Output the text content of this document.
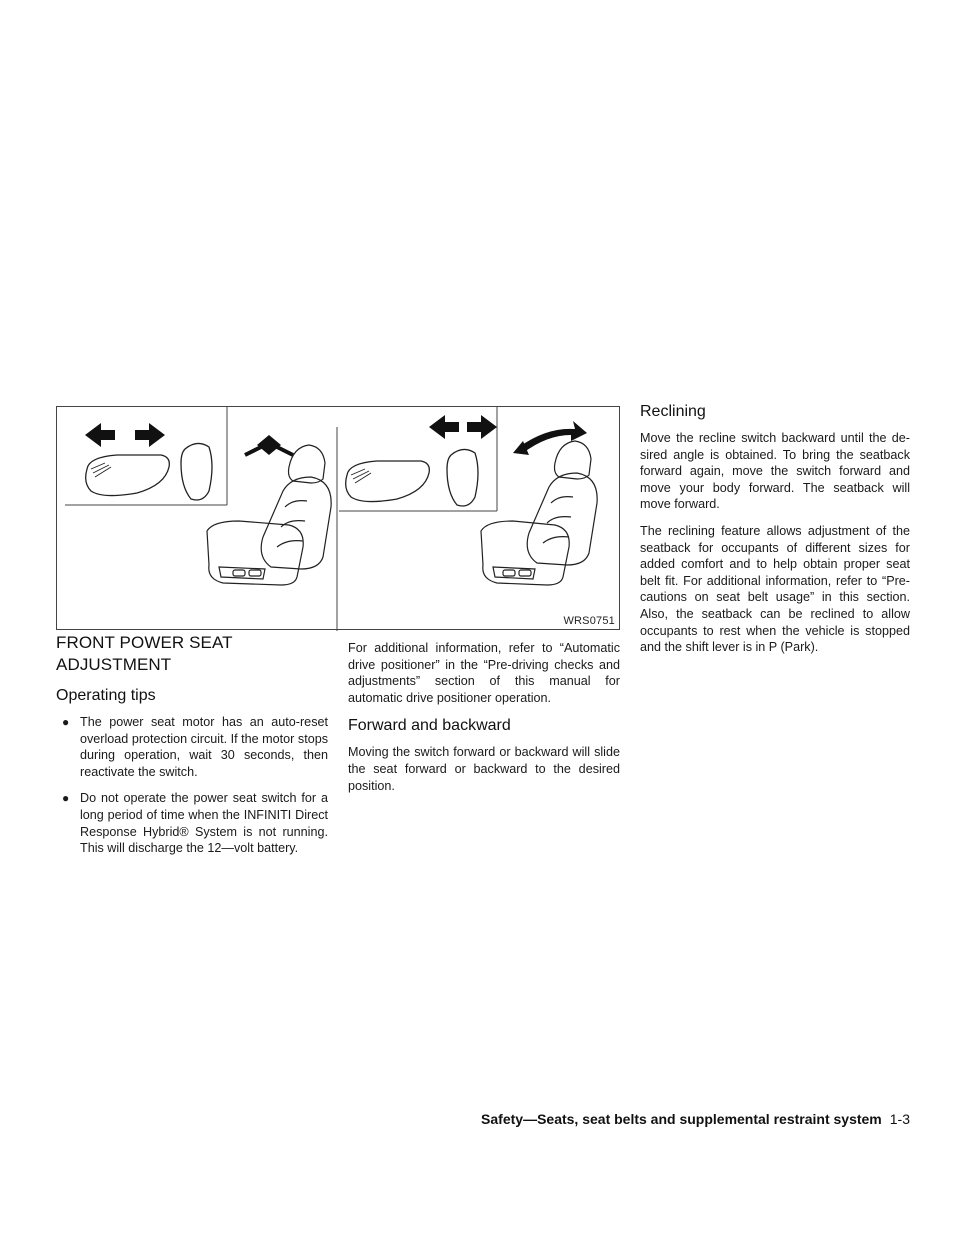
WRS0751
FRONT POWER SEAT ADJUSTMENT
Operating tips
● The power seat motor has an auto-reset overload protection circuit. If the motor stops during operation, wait 30 seconds, then reactivate the switch.
● Do not operate the power seat switch for a long period of time when the INFINITI Direct Response Hybrid® System is not running. This will discharge the 12—volt battery.

For additional information, refer to “Automatic drive positioner” in the “Pre-driving checks and adjustments” section of this manual for automatic drive positioner operation.

Forward and backward

Moving the switch forward or backward will slide the seat forward or backward to the desired position.

Reclining

Move the recline switch backward until the de-sired angle is obtained. To bring the seatback forward again, move the switch forward and move your body forward. The seatback will move forward.

The reclining feature allows adjustment of the seatback for occupants of different sizes for added comfort and to help obtain proper seat belt fit. For additional information, refer to “Pre-cautions on seat belt usage” in this section. Also, the seatback can be reclined to allow occupants to rest when the vehicle is stopped and the shift lever is in P (Park).

Safety—Seats, seat belts and supplemental restraint system 1-3
